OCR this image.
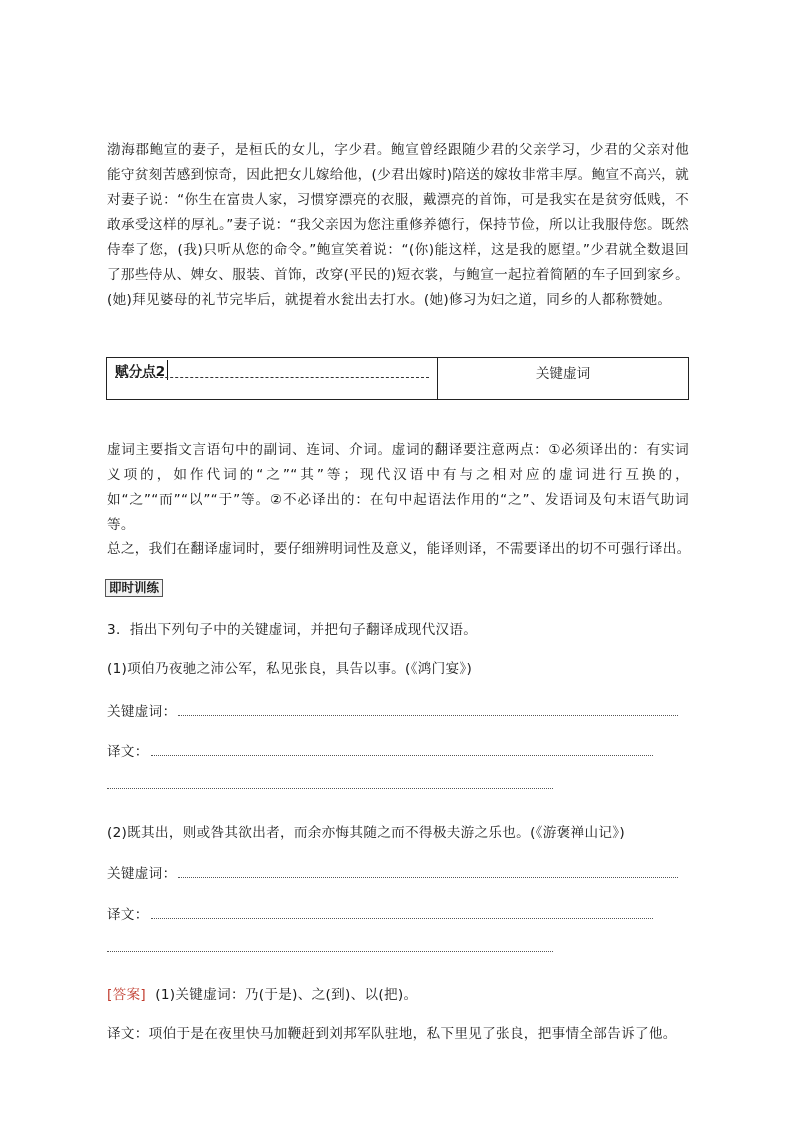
渤海郡鲍宣的妻子，是桓氏的女儿，字少君。鲍宣曾经跟随少君的父亲学习，少君的父亲对他能守贫刻苦感到惊奇，因此把女儿嫁给他，(少君出嫁时)陪送的嫁妆非常丰厚。鲍宣不高兴，就对妻子说：“你生在富贵人家，习惯穿漂亮的衣服，戴漂亮的首饰，可是我实在是贫穷低贱，不敢承受这样的厚礼。”妻子说：“我父亲因为您注重修养德行，保持节俭，所以让我服侍您。既然侍奉了您，(我)只听从您的命令。”鲍宣笑着说：“(你)能这样，这是我的愿望。”少君就全数退回了那些侍从、婢女、服装、首饰，改穿(平民的)短衣裳，与鲍宣一起拉着简陋的车子回到家乡。(她)拜见婆母的礼节完毕后，就提着水瓮出去打水。(她)修习为妇之道，同乡的人都称赞她。
赋分点2	关键虚词
虚词主要指文言语句中的副词、连词、介词。虚词的翻译要注意两点：①必须译出的：有实词义项的，如作代词的“之”“其”等；现代汉语中有与之相对应的虚词进行互换的，如“之”“而”“以”“于”等。②不必译出的：在句中起语法作用的“之”、发语词及句末语气助词等。
总之，我们在翻译虚词时，要仔细辨明词性及意义，能译则译，不需要译出的切不可强行译出。
即时训练
3．指出下列句子中的关键虚词，并把句子翻译成现代汉语。
(1)项伯乃夜驰之沛公军，私见张良，具告以事。(《鸿门宴》)
关键虚词：
译文：
(2)既其出，则或咎其欲出者，而余亦悔其随之而不得极夫游之乐也。(《游褒禅山记》)
关键虚词：
译文：
[答案] (1)关键虚词：乃(于是)、之(到)、以(把)。
译文：项伯于是在夜里快马加鞭赶到刘邦军队驻地，私下里见了张良，把事情全部告诉了他。
